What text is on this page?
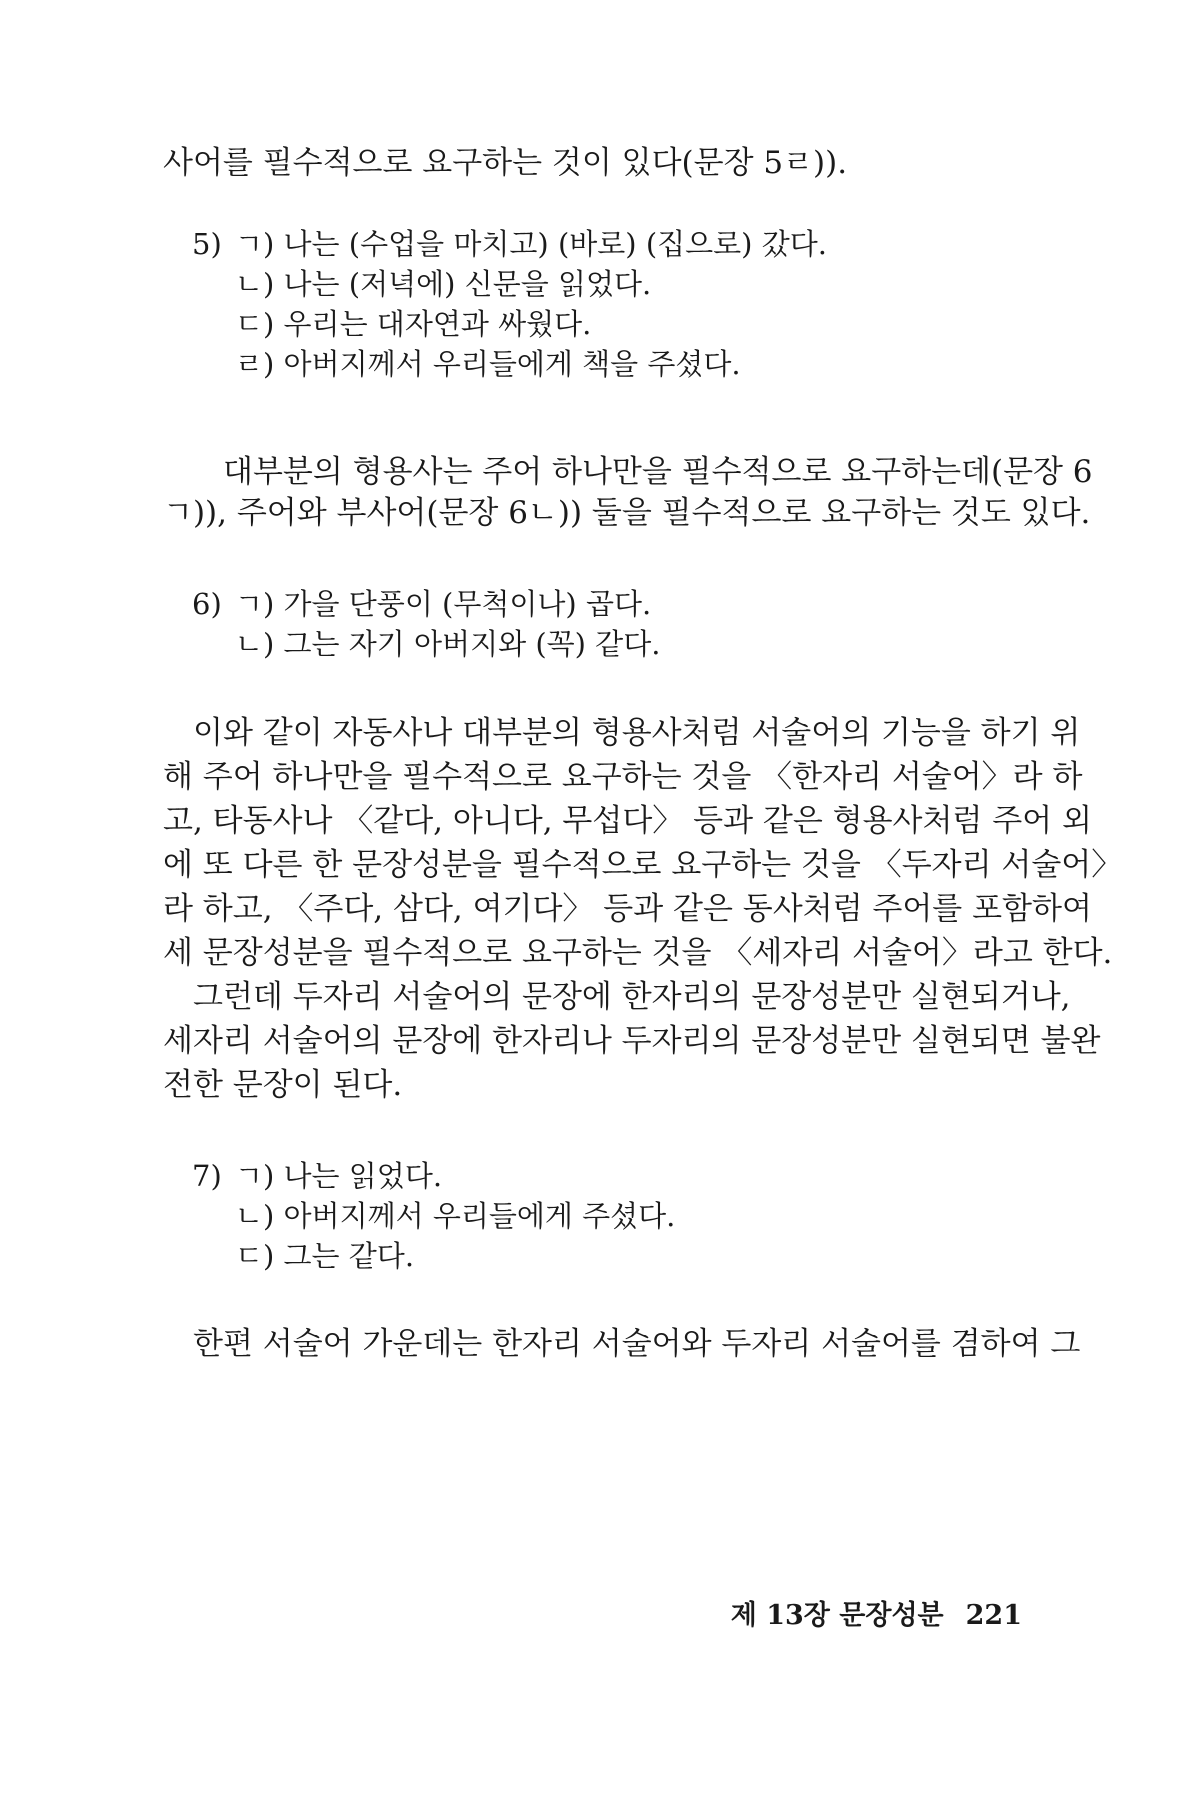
사어를 필수적으로 요구하는 것이 있다(문장 5ㄹ)).
5) ㄱ) 나는 (수업을 마치고) (바로) (집으로) 갔다.
ㄴ) 나는 (저녁에) 신문을 읽었다.
ㄷ) 우리는 대자연과 싸웠다.
ㄹ) 아버지께서 우리들에게 책을 주셨다.
대부분의 형용사는 주어 하나만을 필수적으로 요구하는데(문장 6
ㄱ)), 주어와 부사어(문장 6ㄴ)) 둘을 필수적으로 요구하는 것도 있다.
6) ㄱ) 가을 단풍이 (무척이나) 곱다.
ㄴ) 그는 자기 아버지와 (꼭) 같다.
이와 같이 자동사나 대부분의 형용사처럼 서술어의 기능을 하기 위
해 주어 하나만을 필수적으로 요구하는 것을 〈한자리 서술어〉라 하
고, 타동사나 〈같다, 아니다, 무섭다〉 등과 같은 형용사처럼 주어 외
에 또 다른 한 문장성분을 필수적으로 요구하는 것을 〈두자리 서술어〉
라 하고, 〈주다, 삼다, 여기다〉 등과 같은 동사처럼 주어를 포함하여
세 문장성분을 필수적으로 요구하는 것을 〈세자리 서술어〉라고 한다.
그런데 두자리 서술어의 문장에 한자리의 문장성분만 실현되거나,
세자리 서술어의 문장에 한자리나 두자리의 문장성분만 실현되면 불완
전한 문장이 된다.
7) ㄱ) 나는 읽었다.
ㄴ) 아버지께서 우리들에게 주셨다.
ㄷ) 그는 같다.
한편 서술어 가운데는 한자리 서술어와 두자리 서술어를 겸하여 그
제 13장 문장성분 221
